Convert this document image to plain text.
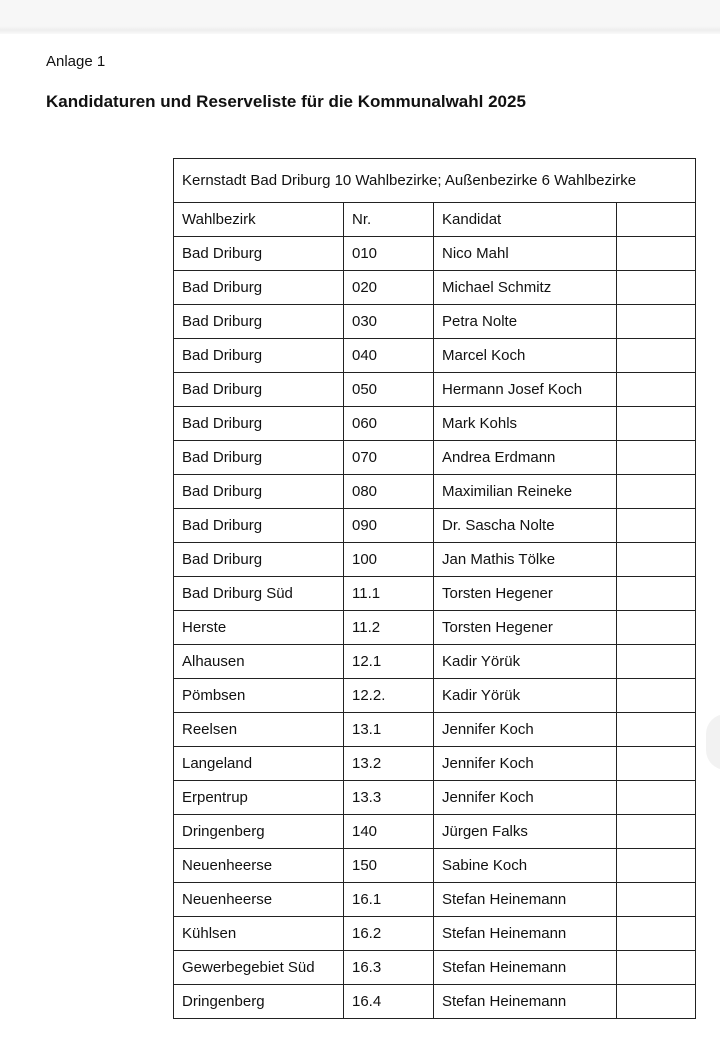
Anlage 1
Kandidaturen und Reserveliste für die Kommunalwahl 2025
Kernstadt Bad Driburg 10 Wahlbezirke; Außenbezirke 6 Wahlbezirke			
Wahlbezirk	Nr.	Kandidat	
Bad Driburg	010	Nico Mahl	
Bad Driburg	020	Michael Schmitz	
Bad Driburg	030	Petra Nolte	
Bad Driburg	040	Marcel Koch	
Bad Driburg	050	Hermann Josef Koch	
Bad Driburg	060	Mark Kohls	
Bad Driburg	070	Andrea Erdmann	
Bad Driburg	080	Maximilian Reineke	
Bad Driburg	090	Dr. Sascha Nolte	
Bad Driburg	100	Jan Mathis Tölke	
Bad Driburg Süd	11.1	Torsten Hegener	
Herste	11.2	Torsten Hegener	
Alhausen	12.1	Kadir Yörük	
Pömbsen	12.2.	Kadir Yörük	
Reelsen	13.1	Jennifer Koch	
Langeland	13.2	Jennifer Koch	
Erpentrup	13.3	Jennifer Koch	
Dringenberg	140	Jürgen Falks	
Neuenheerse	150	Sabine Koch	
Neuenheerse	16.1	Stefan Heinemann	
Kühlsen	16.2	Stefan Heinemann	
Gewerbegebiet Süd	16.3	Stefan Heinemann	
Dringenberg	16.4	Stefan Heinemann	
